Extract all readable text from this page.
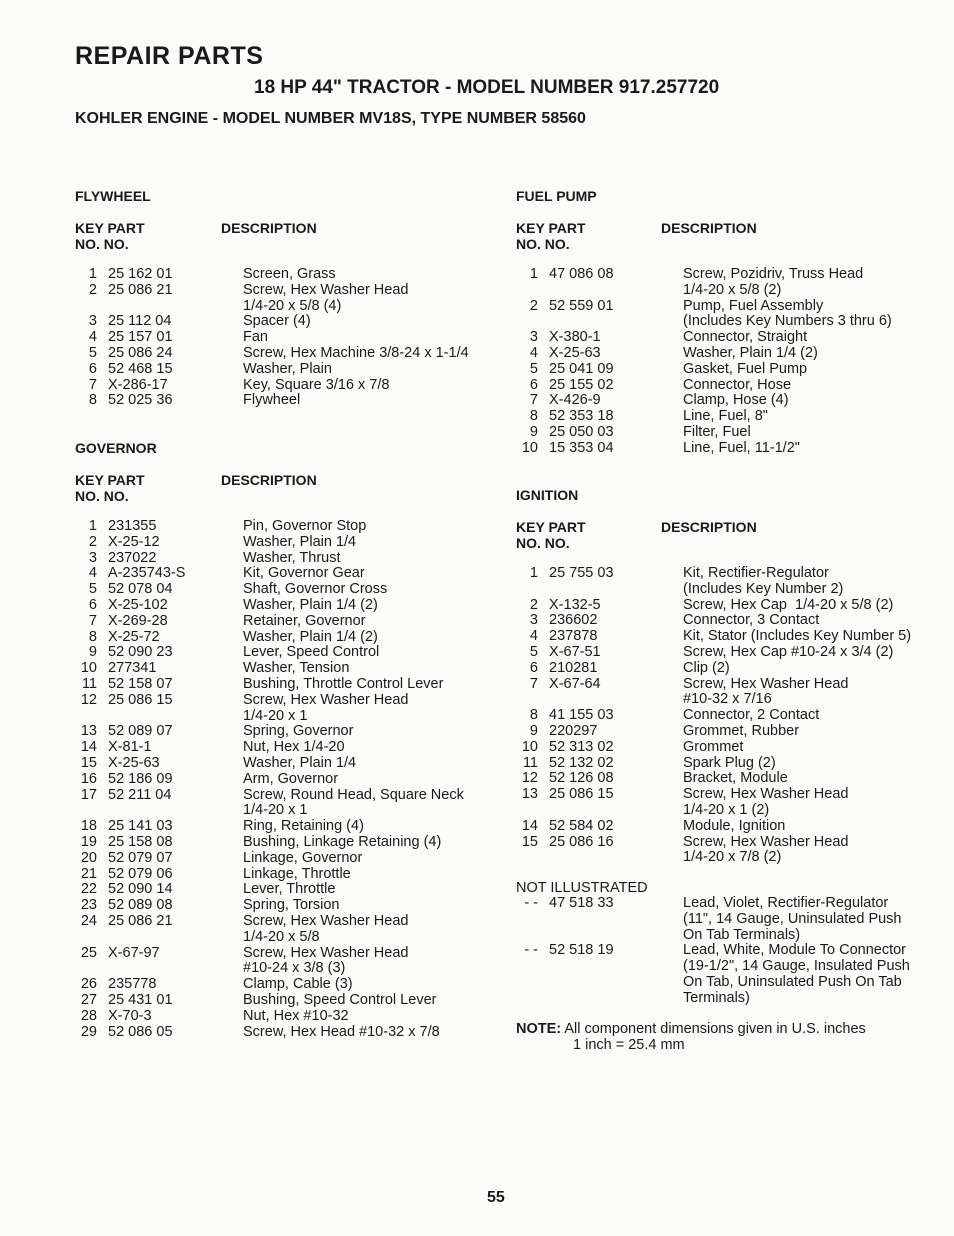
REPAIR PARTS
18 HP 44" TRACTOR - MODEL NUMBER 917.257720
KOHLER ENGINE - MODEL NUMBER MV18S, TYPE NUMBER 58560
FLYWHEEL
KEY PART
NO. NO.
DESCRIPTION
1 25 162 01	Screen, Grass
2 25 086 21	Screw, Hex Washer Head
1/4-20 x 5/8 (4)
3 25 112 04	Spacer (4)
4 25 157 01	Fan
5 25 086 24	Screw, Hex Machine 3/8-24 x 1-1/4
6 52 468 15	Washer, Plain
7 X-286-17	Key, Square 3/16 x 7/8
8 52 025 36	Flywheel
GOVERNOR
KEY PART
NO. NO.
DESCRIPTION
1 231355	Pin, Governor Stop
2 X-25-12	Washer, Plain 1/4
3 237022	Washer, Thrust
4 A-235743-S	Kit, Governor Gear
5 52 078 04	Shaft, Governor Cross
6 X-25-102	Washer, Plain 1/4 (2)
7 X-269-28	Retainer, Governor
8 X-25-72	Washer, Plain 1/4 (2)
9 52 090 23	Lever, Speed Control
10 277341	Washer, Tension
11 52 158 07	Bushing, Throttle Control Lever
12 25 086 15	Screw, Hex Washer Head
1/4-20 x 1
13 52 089 07	Spring, Governor
14 X-81-1	Nut, Hex 1/4-20
15 X-25-63	Washer, Plain 1/4
16 52 186 09	Arm, Governor
17 52 211 04	Screw, Round Head, Square Neck
1/4-20 x 1
18 25 141 03	Ring, Retaining (4)
19 25 158 08	Bushing, Linkage Retaining (4)
20 52 079 07	Linkage, Governor
21 52 079 06	Linkage, Throttle
22 52 090 14	Lever, Throttle
23 52 089 08	Spring, Torsion
24 25 086 21	Screw, Hex Washer Head
1/4-20 x 5/8
25 X-67-97	Screw, Hex Washer Head
#10-24 x 3/8 (3)
26 235778	Clamp, Cable (3)
27 25 431 01	Bushing, Speed Control Lever
28 X-70-3	Nut, Hex #10-32
29 52 086 05	Screw, Hex Head #10-32 x 7/8
FUEL PUMP
KEY PART
NO. NO.
DESCRIPTION
1 47 086 08	Screw, Pozidriv, Truss Head
1/4-20 x 5/8 (2)
2 52 559 01	Pump, Fuel Assembly
(Includes Key Numbers 3 thru 6)
3 X-380-1	Connector, Straight
4 X-25-63	Washer, Plain 1/4 (2)
5 25 041 09	Gasket, Fuel Pump
6 25 155 02	Connector, Hose
7 X-426-9	Clamp, Hose (4)
8 52 353 18	Line, Fuel, 8"
9 25 050 03	Filter, Fuel
10 15 353 04	Line, Fuel, 11-1/2"
IGNITION
KEY PART
NO. NO.
DESCRIPTION
1 25 755 03	Kit, Rectifier-Regulator
(Includes Key Number 2)
2 X-132-5	Screw, Hex Cap  1/4-20 x 5/8 (2)
3 236602	Connector, 3 Contact
4 237878	Kit, Stator (Includes Key Number 5)
5 X-67-51	Screw, Hex Cap #10-24 x 3/4 (2)
6 210281	Clip (2)
7 X-67-64	Screw, Hex Washer Head
#10-32 x 7/16
8 41 155 03	Connector, 2 Contact
9 220297	Grommet, Rubber
10 52 313 02	Grommet
11 52 132 02	Spark Plug (2)
12 52 126 08	Bracket, Module
13 25 086 15	Screw, Hex Washer Head
1/4-20 x 1 (2)
14 52 584 02	Module, Ignition
15 25 086 16	Screw, Hex Washer Head
1/4-20 x 7/8 (2)
NOT ILLUSTRATED
- - 47 518 33	Lead, Violet, Rectifier-Regulator
(11", 14 Gauge, Uninsulated Push
On Tab Terminals)
- - 52 518 19	Lead, White, Module To Connector
(19-1/2", 14 Gauge, Insulated Push
On Tab, Uninsulated Push On Tab
Terminals)
NOTE: All component dimensions given in U.S. inches
1 inch = 25.4 mm
55
